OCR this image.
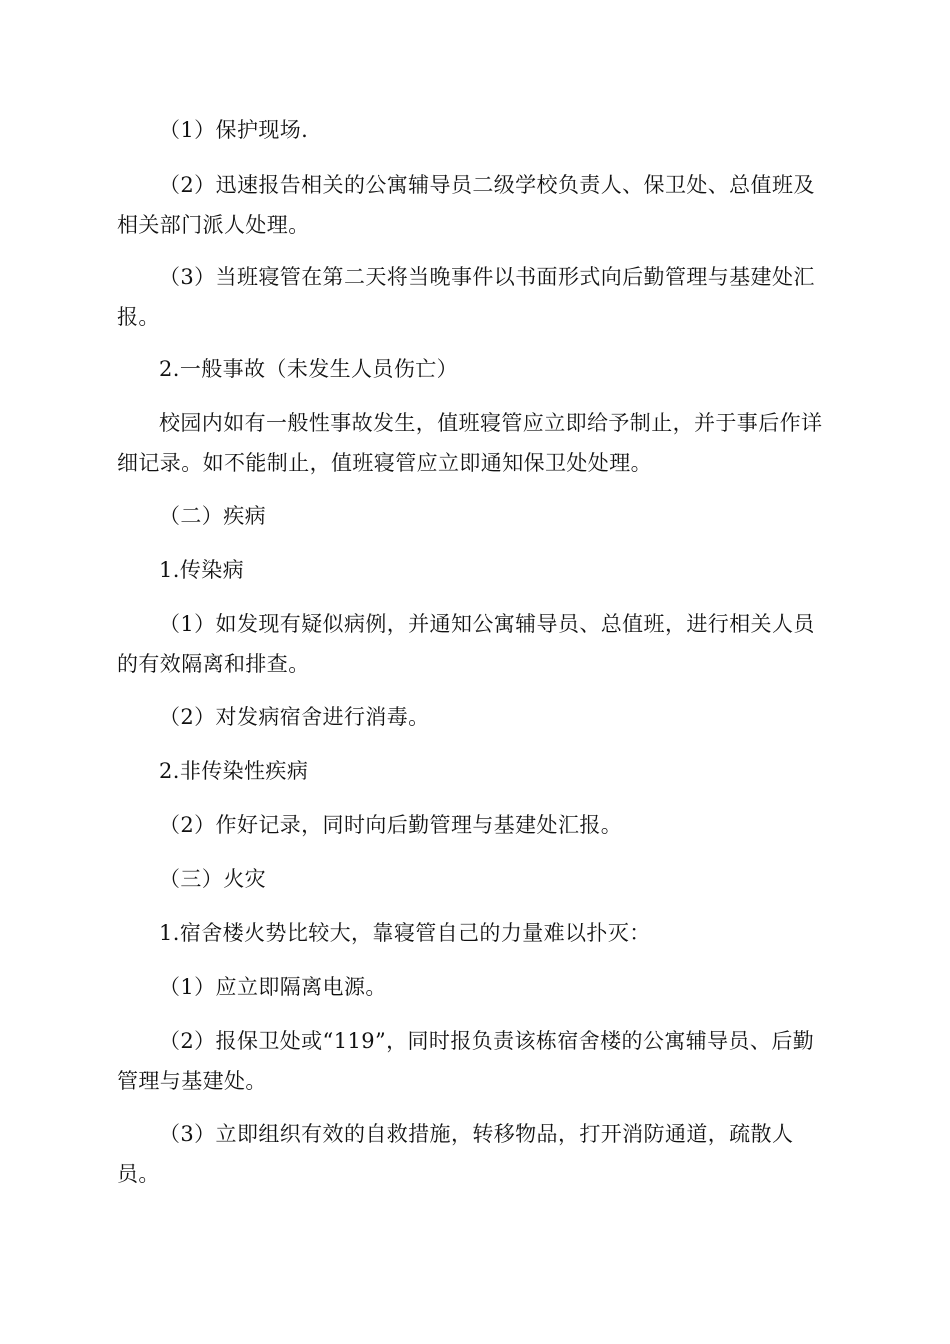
（1）保护现场.

（2）迅速报告相关的公寓辅导员二级学校负责人、保卫处、总值班及相关部门派人处理。

（3）当班寝管在第二天将当晚事件以书面形式向后勤管理与基建处汇报。

2.一般事故（未发生人员伤亡）

校园内如有一般性事故发生，值班寝管应立即给予制止，并于事后作详细记录。如不能制止，值班寝管应立即通知保卫处处理。

（二）疾病

1.传染病

（1）如发现有疑似病例，并通知公寓辅导员、总值班，进行相关人员的有效隔离和排查。

（2）对发病宿舍进行消毒。

2.非传染性疾病

（2）作好记录，同时向后勤管理与基建处汇报。

（三）火灾

1.宿舍楼火势比较大，靠寝管自己的力量难以扑灭：

（1）应立即隔离电源。

（2）报保卫处或“119”，同时报负责该栋宿舍楼的公寓辅导员、后勤管理与基建处。

（3）立即组织有效的自救措施，转移物品，打开消防通道，疏散人员。
